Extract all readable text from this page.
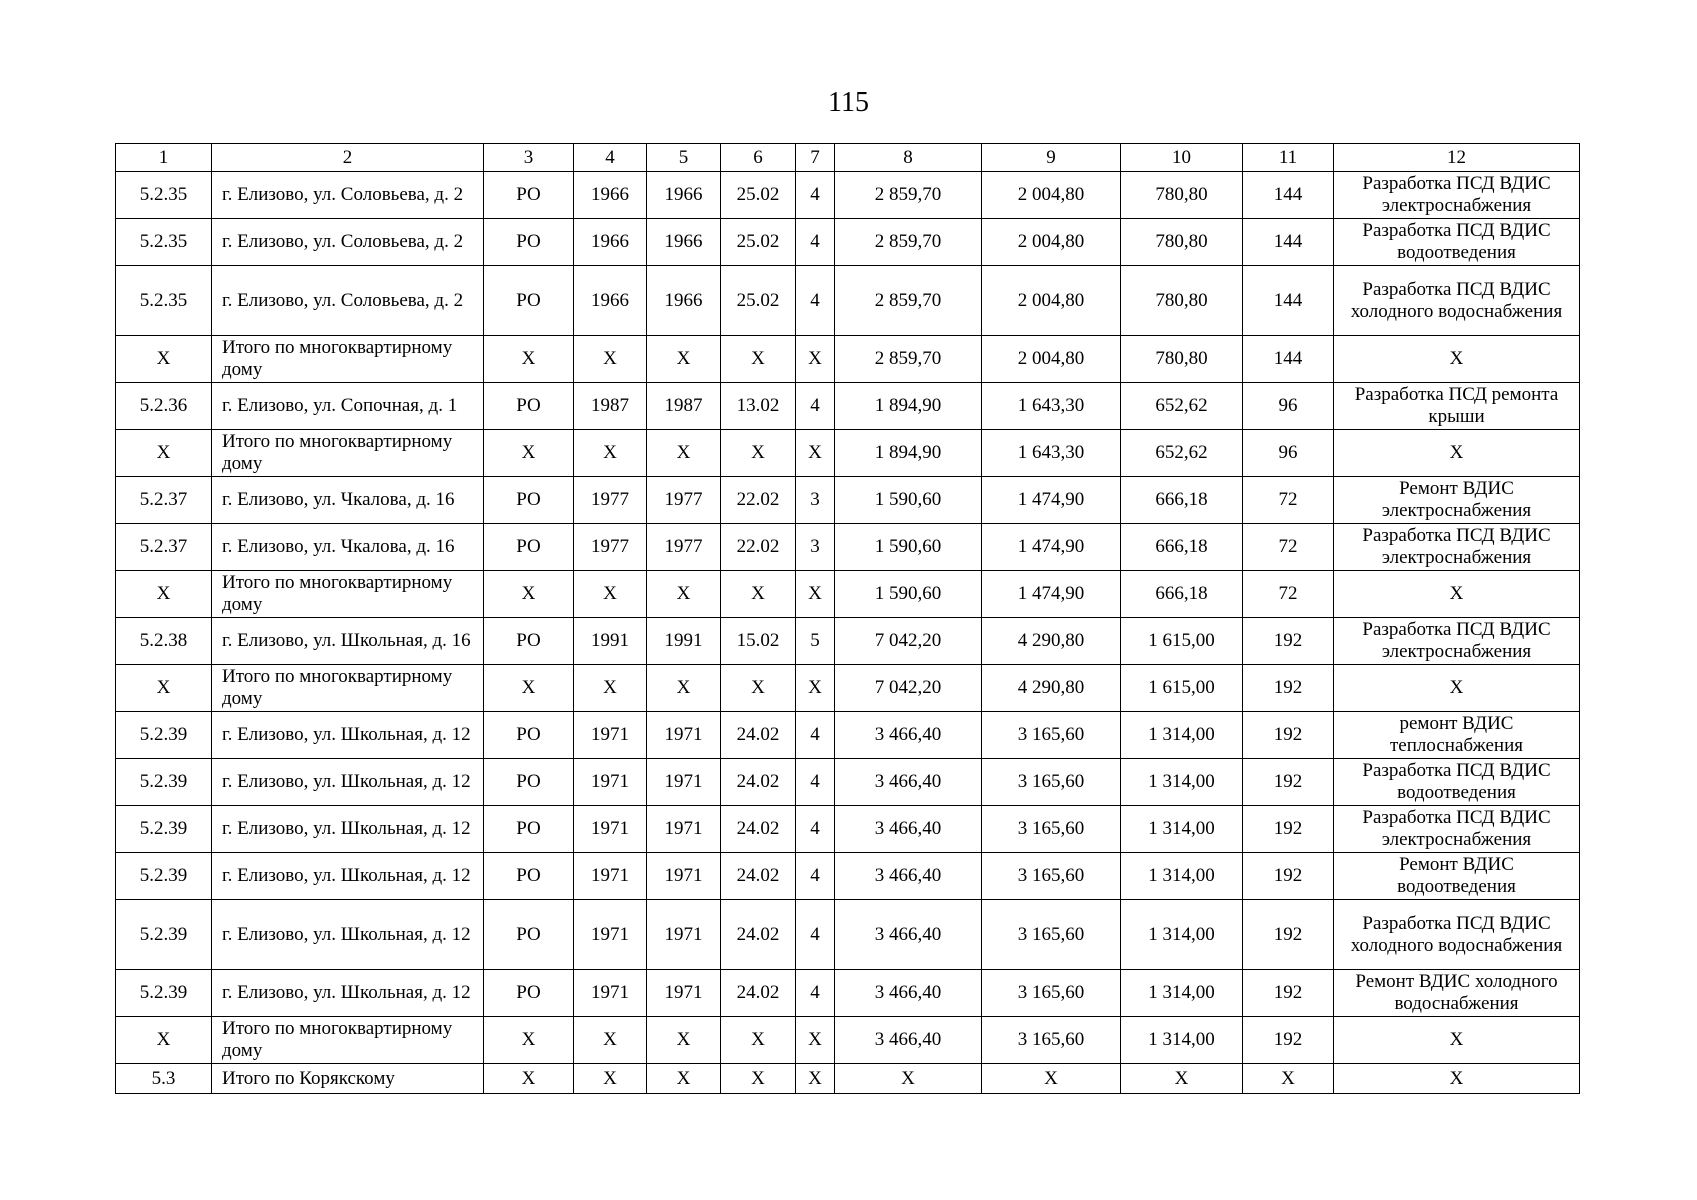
115
1	2	3	4	5	6	7	8	9	10	11	12
5.2.35	г. Елизово, ул. Соловьева, д. 2	РО	1966	1966	25.02	4	2 859,70	2 004,80	780,80	144	Разработка ПСД ВДИС электроснабжения
5.2.35	г. Елизово, ул. Соловьева, д. 2	РО	1966	1966	25.02	4	2 859,70	2 004,80	780,80	144	Разработка ПСД ВДИС водоотведения
5.2.35	г. Елизово, ул. Соловьева, д. 2	РО	1966	1966	25.02	4	2 859,70	2 004,80	780,80	144	Разработка ПСД ВДИС холодного водоснабжения
X	Итого по многоквартирному дому	X	X	X	X	X	2 859,70	2 004,80	780,80	144	X
5.2.36	г. Елизово, ул. Сопочная, д. 1	РО	1987	1987	13.02	4	1 894,90	1 643,30	652,62	96	Разработка ПСД ремонта крыши
X	Итого по многоквартирному дому	X	X	X	X	X	1 894,90	1 643,30	652,62	96	X
5.2.37	г. Елизово, ул. Чкалова, д. 16	РО	1977	1977	22.02	3	1 590,60	1 474,90	666,18	72	Ремонт ВДИС электроснабжения
5.2.37	г. Елизово, ул. Чкалова, д. 16	РО	1977	1977	22.02	3	1 590,60	1 474,90	666,18	72	Разработка ПСД ВДИС электроснабжения
X	Итого по многоквартирному дому	X	X	X	X	X	1 590,60	1 474,90	666,18	72	X
5.2.38	г. Елизово, ул. Школьная, д. 16	РО	1991	1991	15.02	5	7 042,20	4 290,80	1 615,00	192	Разработка ПСД ВДИС электроснабжения
X	Итого по многоквартирному дому	X	X	X	X	X	7 042,20	4 290,80	1 615,00	192	X
5.2.39	г. Елизово, ул. Школьная, д. 12	РО	1971	1971	24.02	4	3 466,40	3 165,60	1 314,00	192	ремонт ВДИС теплоснабжения
5.2.39	г. Елизово, ул. Школьная, д. 12	РО	1971	1971	24.02	4	3 466,40	3 165,60	1 314,00	192	Разработка ПСД ВДИС водоотведения
5.2.39	г. Елизово, ул. Школьная, д. 12	РО	1971	1971	24.02	4	3 466,40	3 165,60	1 314,00	192	Разработка ПСД ВДИС электроснабжения
5.2.39	г. Елизово, ул. Школьная, д. 12	РО	1971	1971	24.02	4	3 466,40	3 165,60	1 314,00	192	Ремонт ВДИС водоотведения
5.2.39	г. Елизово, ул. Школьная, д. 12	РО	1971	1971	24.02	4	3 466,40	3 165,60	1 314,00	192	Разработка ПСД ВДИС холодного водоснабжения
5.2.39	г. Елизово, ул. Школьная, д. 12	РО	1971	1971	24.02	4	3 466,40	3 165,60	1 314,00	192	Ремонт ВДИС холодного водоснабжения
X	Итого по многоквартирному дому	X	X	X	X	X	3 466,40	3 165,60	1 314,00	192	X
5.3	Итого по Корякскому	X	X	X	X	X	X	X	X	X	X
